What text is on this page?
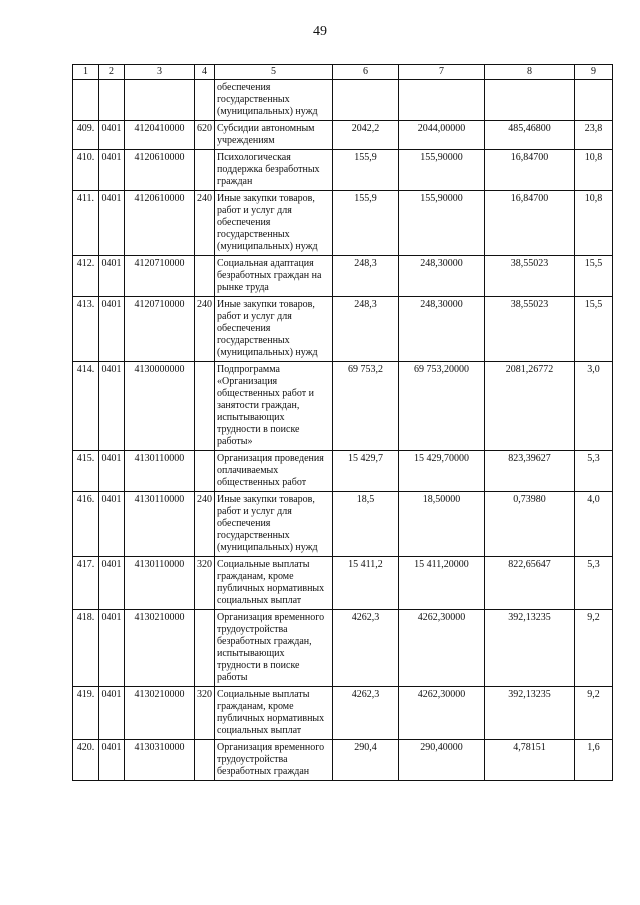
49
1	2	3	4	5	6	7	8	9
				обеспечения государственных (муниципальных) нужд				
409.	0401	4120410000	620	Субсидии автономным учреждениям	2042,2	2044,00000	485,46800	23,8
410.	0401	4120610000		Психологическая поддержка безработных граждан	155,9	155,90000	16,84700	10,8
411.	0401	4120610000	240	Иные закупки товаров, работ и услуг для обеспечения государственных (муниципальных) нужд	155,9	155,90000	16,84700	10,8
412.	0401	4120710000		Социальная адаптация безработных граждан на рынке труда	248,3	248,30000	38,55023	15,5
413.	0401	4120710000	240	Иные закупки товаров, работ и услуг для обеспечения государственных (муниципальных) нужд	248,3	248,30000	38,55023	15,5
414.	0401	4130000000		Подпрограмма «Организация общественных работ и занятости граждан, испытывающих трудности в поиске работы»	69 753,2	69 753,20000	2081,26772	3,0
415.	0401	4130110000		Организация проведения оплачиваемых общественных работ	15 429,7	15 429,70000	823,39627	5,3
416.	0401	4130110000	240	Иные закупки товаров, работ и услуг для обеспечения государственных (муниципальных) нужд	18,5	18,50000	0,73980	4,0
417.	0401	4130110000	320	Социальные выплаты гражданам, кроме публичных нормативных социальных выплат	15 411,2	15 411,20000	822,65647	5,3
418.	0401	4130210000		Организация временного трудоустройства безработных граждан, испытывающих трудности в поиске работы	4262,3	4262,30000	392,13235	9,2
419.	0401	4130210000	320	Социальные выплаты гражданам, кроме публичных нормативных социальных выплат	4262,3	4262,30000	392,13235	9,2
420.	0401	4130310000		Организация временного трудоустройства безработных граждан	290,4	290,40000	4,78151	1,6
